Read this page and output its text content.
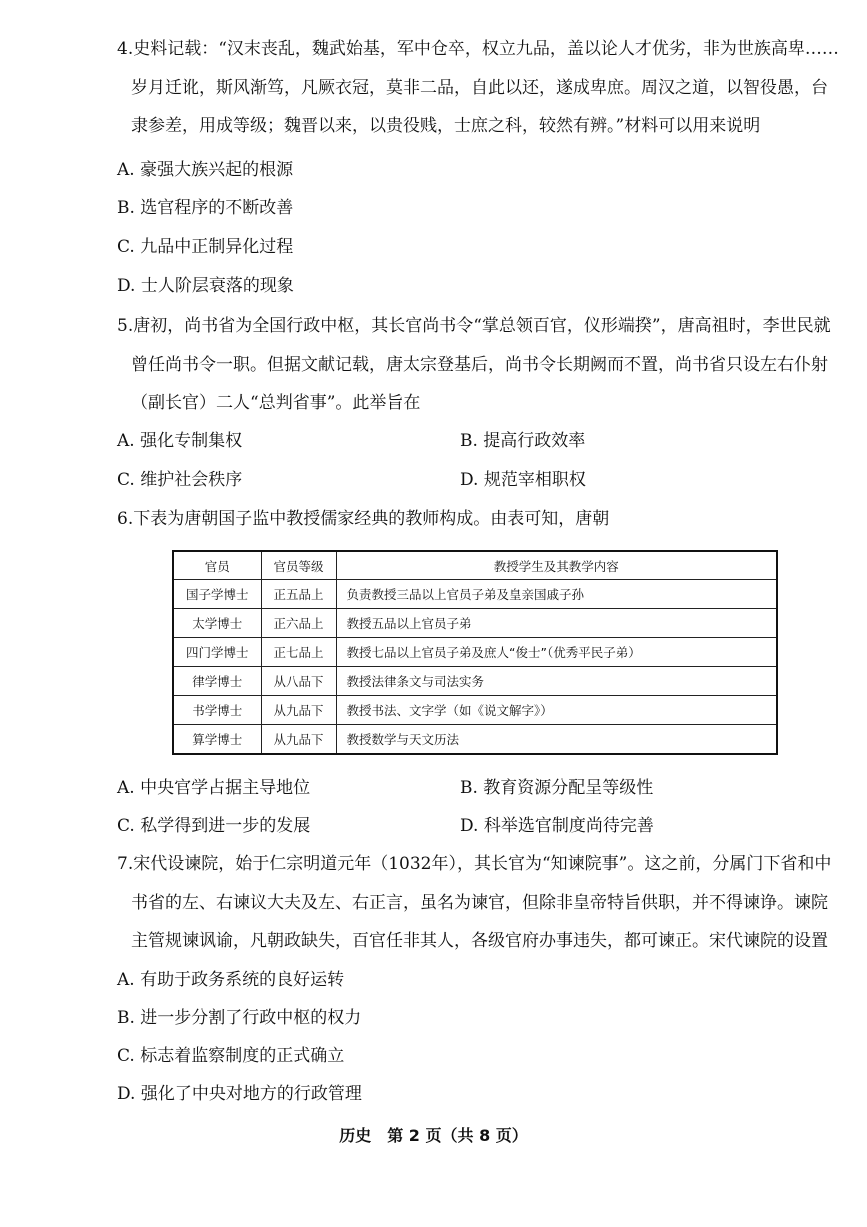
4.史料记载：“汉末丧乱，魏武始基，军中仓卒，权立九品，盖以论人才优劣，非为世族高卑……岁月迁讹，斯风渐笃，凡厥衣冠，莫非二品，自此以还，遂成卑庶。周汉之道，以智役愚，台隶参差，用成等级；魏晋以来，以贵役贱，士庶之科，较然有辨。”材料可以用来说明

A. 豪强大族兴起的根源
B. 选官程序的不断改善
C. 九品中正制异化过程
D. 士人阶层衰落的现象

5.唐初，尚书省为全国行政中枢，其长官尚书令“掌总领百官，仪形端揆”，唐高祖时，李世民就曾任尚书令一职。但据文献记载，唐太宗登基后，尚书令长期阙而不置，尚书省只设左右仆射（副长官）二人“总判省事”。此举旨在

A. 强化专制集权	B. 提高行政效率
C. 维护社会秩序	D. 规范宰相职权

6.下表为唐朝国子监中教授儒家经典的教师构成。由表可知，唐朝

官员	官员等级	教授学生及其教学内容
国子学博士	正五品上	负责教授三品以上官员子弟及皇亲国戚子孙
太学博士	正六品上	教授五品以上官员子弟
四门学博士	正七品上	教授七品以上官员子弟及庶人“俊士”（优秀平民子弟）
律学博士	从八品下	教授法律条文与司法实务
书学博士	从九品下	教授书法、文字学（如《说文解字》）
算学博士	从九品下	教授数学与天文历法
A. 中央官学占据主导地位	B. 教育资源分配呈等级性
C. 私学得到进一步的发展	D. 科举选官制度尚待完善

7.宋代设谏院，始于仁宗明道元年（1032年），其长官为“知谏院事”。这之前，分属门下省和中书省的左、右谏议大夫及左、右正言，虽名为谏官，但除非皇帝特旨供职，并不得谏诤。谏院主管规谏讽谕，凡朝政缺失，百官任非其人，各级官府办事违失，都可谏正。宋代谏院的设置

A. 有助于政务系统的良好运转
B. 进一步分割了行政中枢的权力
C. 标志着监察制度的正式确立
D. 强化了中央对地方的行政管理
历史　第 2 页（共 8 页）
